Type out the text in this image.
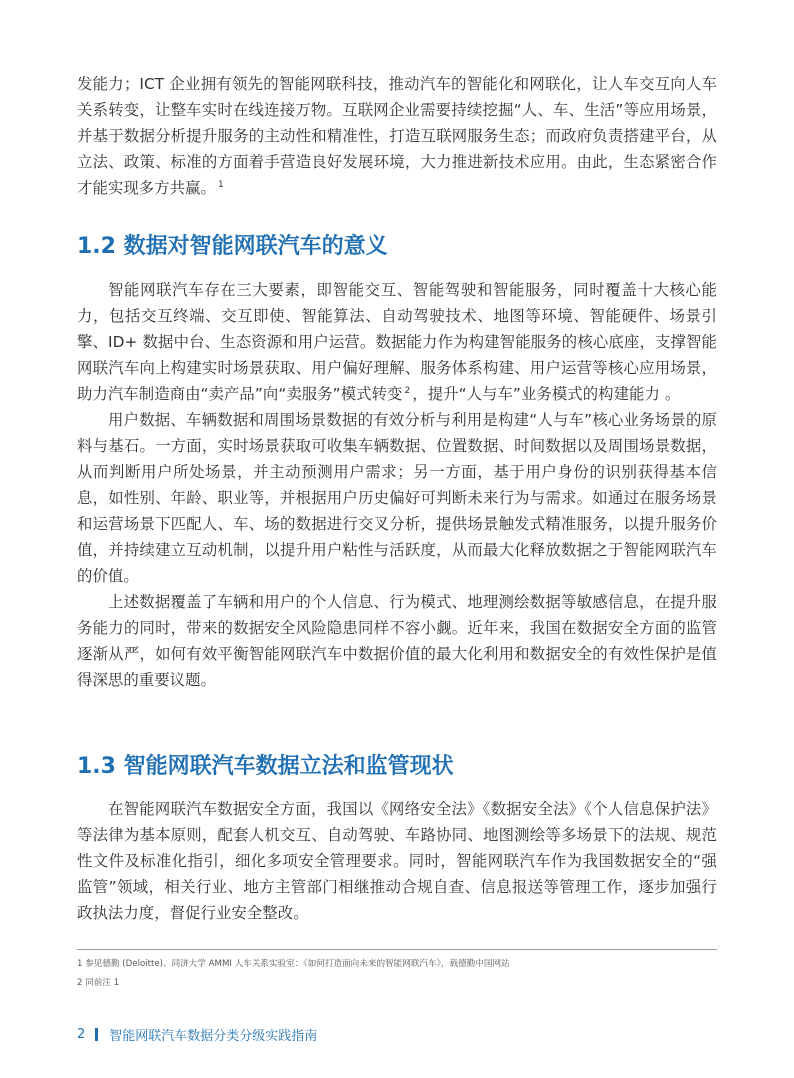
发能力；ICT 企业拥有领先的智能网联科技，推动汽车的智能化和网联化，让人车交互向人车关系转变，让整车实时在线连接万物。互联网企业需要持续挖掘“人、车、生活”等应用场景，并基于数据分析提升服务的主动性和精准性，打造互联网服务生态；而政府负责搭建平台，从立法、政策、标准的方面着手营造良好发展环境，大力推进新技术应用。由此，生态紧密合作才能实现多方共赢。 $^1$

1.2 数据对智能网联汽车的意义

智能网联汽车存在三大要素，即智能交互、智能驾驶和智能服务，同时覆盖十大核心能力，包括交互终端、交互即使、智能算法、自动驾驶技术、地图等环境、智能硬件、场景引擎、ID+ 数据中台、生态资源和用户运营。数据能力作为构建智能服务的核心底座，支撑智能网联汽车向上构建实时场景获取、用户偏好理解、服务体系构建、用户运营等核心应用场景，助力汽车制造商由“卖产品”向“卖服务”模式转变 $^2$ ，提升“人与车”业务模式的构建能力 。

用户数据、车辆数据和周围场景数据的有效分析与利用是构建“人与车”核心业务场景的原料与基石。一方面，实时场景获取可收集车辆数据、位置数据、时间数据以及周围场景数据，从而判断用户所处场景，并主动预测用户需求；另一方面，基于用户身份的识别获得基本信息，如性别、年龄、职业等，并根据用户历史偏好可判断未来行为与需求。如通过在服务场景和运营场景下匹配人、车、场的数据进行交叉分析，提供场景触发式精准服务，以提升服务价值，并持续建立互动机制，以提升用户粘性与活跃度，从而最大化释放数据之于智能网联汽车的价值。

上述数据覆盖了车辆和用户的个人信息、行为模式、地理测绘数据等敏感信息，在提升服务能力的同时，带来的数据安全风险隐患同样不容小觑。近年来，我国在数据安全方面的监管逐渐从严，如何有效平衡智能网联汽车中数据价值的最大化利用和数据安全的有效性保护是值得深思的重要议题。

1.3 智能网联汽车数据立法和监管现状

在智能网联汽车数据安全方面，我国以《网络安全法》《数据安全法》《个人信息保护法》等法律为基本原则，配套人机交互、自动驾驶、车路协同、地图测绘等多场景下的法规、规范性文件及标准化指引，细化多项安全管理要求。同时，智能网联汽车作为我国数据安全的“强监管”领域，相关行业、地方主管部门相继推动合规自查、信息报送等管理工作，逐步加强行政执法力度，督促行业安全整改。

1 参见德勤 (Deloitte)、同济大学 AMMI 人车关系实验室：《如何打造面向未来的智能网联汽车》，载德勤中国网站

2 同前注 1

2 智能网联汽车数据分类分级实践指南
